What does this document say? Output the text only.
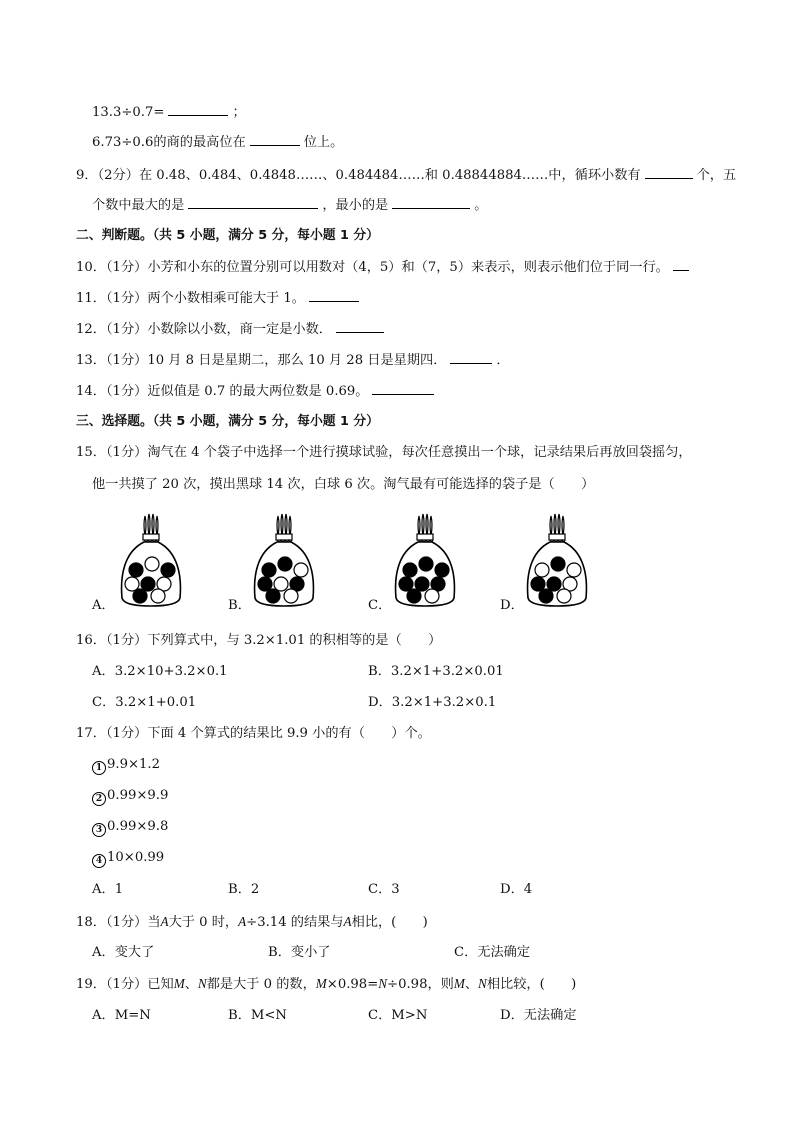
13.3÷0.7=	；
6.73÷0.6的商的最高位在	位上。
9．（2分）在 0.48、0.484、0.4848……、0.484484……和 0.48844884……中，循环小数有	个，五
个数中最大的是	，最小的是	。
二、判断题。（共 5 小题，满分 5 分，每小题 1 分）
10．（1分）小芳和小东的位置分别可以用数对（4，5）和（7，5）来表示，则表示他们位于同一行。
11．（1分）两个小数相乘可能大于 1。
12．（1分）小数除以小数，商一定是小数．
13．（1分）10 月 8 日是星期二，那么 10 月 28 日是星期四．	．
14．（1分）近似值是 0.7 的最大两位数是 0.69。
三、选择题。（共 5 小题，满分 5 分，每小题 1 分）
15．（1分）淘气在 4 个袋子中选择一个进行摸球试验，每次任意摸出一个球，记录结果后再放回袋摇匀，
他一共摸了 20 次，摸出黑球 14 次，白球 6 次。淘气最有可能选择的袋子是（　　）
A．	B．	C．	D．
16．（1分）下列算式中，与 3.2×1.01 的积相等的是（　　）
A．3.2×10+3.2×0.1	B．3.2×1+3.2×0.01
C．3.2×1+0.01	D．3.2×1+3.2×0.1
17．（1分）下面 4 个算式的结果比 9.9 小的有（　　）个。
1 9.9×1.2
2 0.99×9.9
3 0.99×9.8
4 10×0.99
A．1	B．2	C．3	D．4
18．（1分）当A大于 0 时，A÷3.14 的结果与A相比，(　　)
A．变大了	B．变小了	C．无法确定
19．（1分）已知M、N都是大于 0 的数，M×0.98=N÷0.98，则M、N相比较，(　　)
A．M=N	B．M<N	C．M>N	D．无法确定
